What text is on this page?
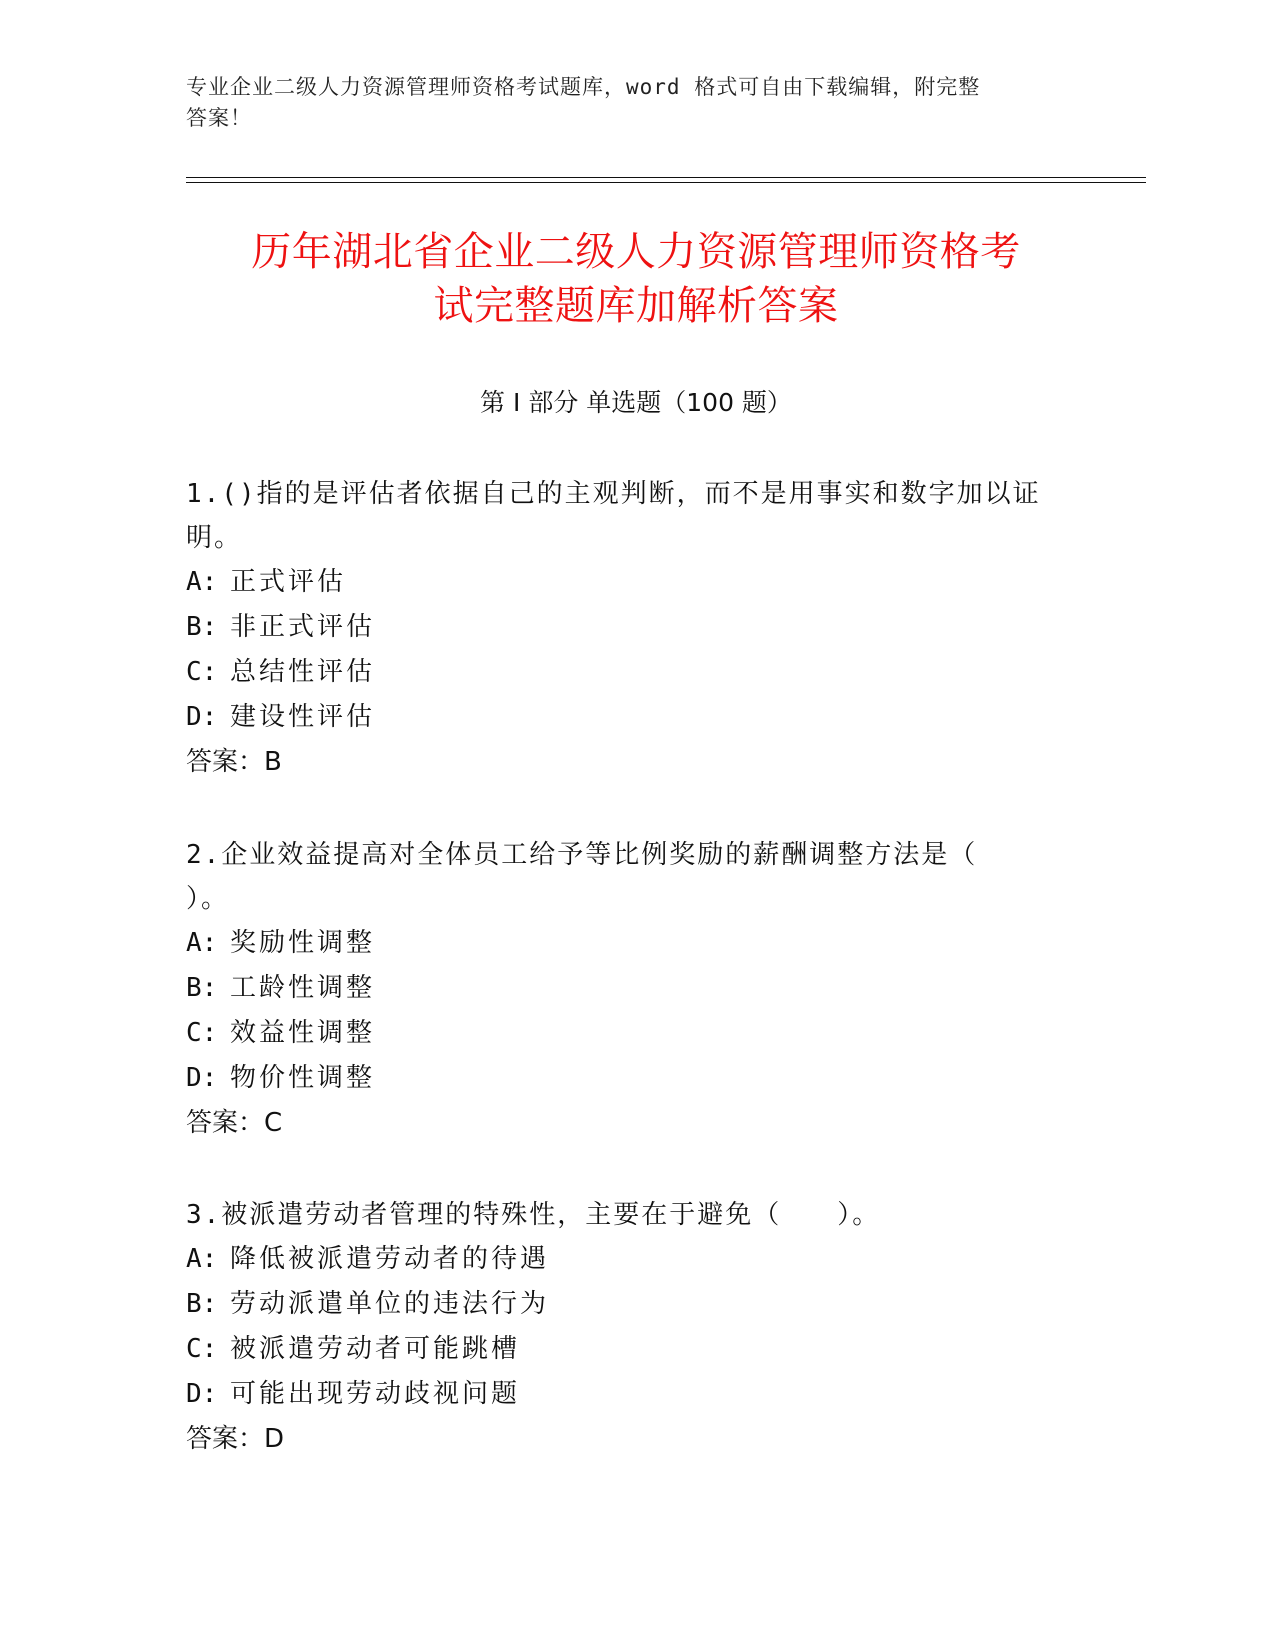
专业企业二级人力资源管理师资格考试题库，word 格式可自由下载编辑，附完整
答案！
历年湖北省企业二级人力资源管理师资格考
试完整题库加解析答案
第 I 部分 单选题（100 题）

1.()指的是评估者依据自己的主观判断，而不是用事实和数字加以证

明。

A: 正式评估

B: 非正式评估

C: 总结性评估

D: 建设性评估

答案：B

2.企业效益提高对全体员工给予等比例奖励的薪酬调整方法是（

）。

A: 奖励性调整

B: 工龄性调整

C: 效益性调整

D: 物价性调整

答案：C

3.被派遣劳动者管理的特殊性，主要在于避免（　　）。

A: 降低被派遣劳动者的待遇

B: 劳动派遣单位的违法行为

C: 被派遣劳动者可能跳槽

D: 可能出现劳动歧视问题

答案：D
